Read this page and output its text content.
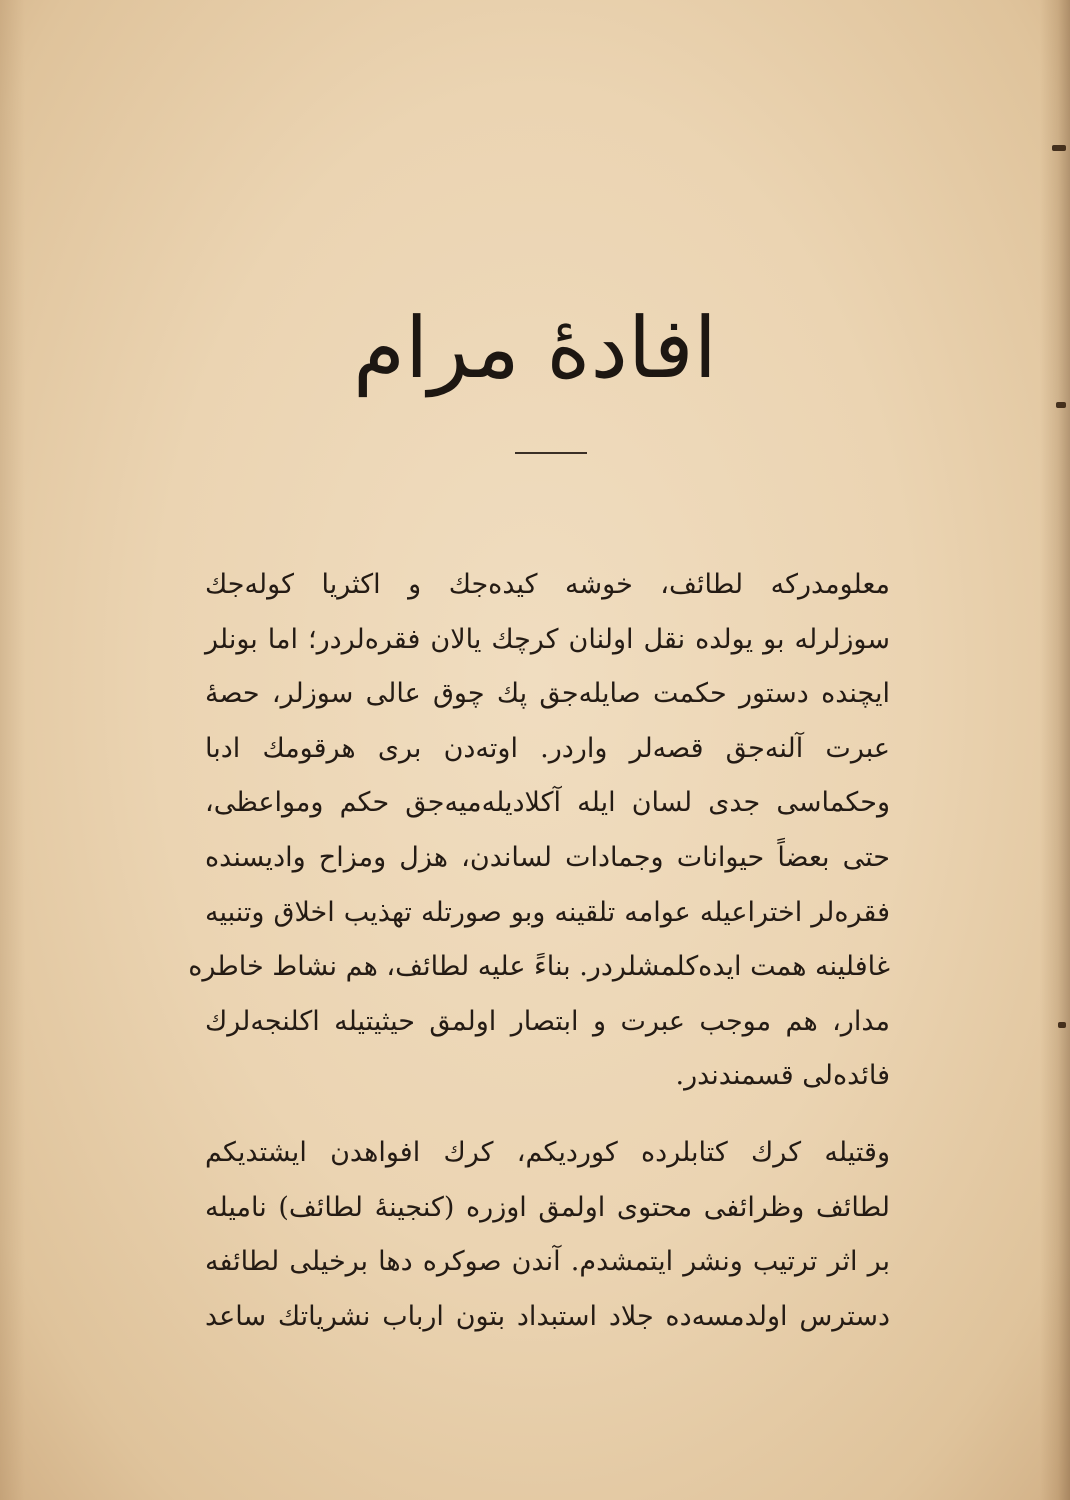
افادهٔ مرام

معلومدرکه لطائف، خوشه کیده‌جك و اکثریا کوله‌جك
سوزلرله بو یولده نقل اولنان کرچك یالان فقره‌لردر؛ اما بونلر
ایچنده دستور حکمت صایله‌جق پك چوق عالی سوزلر، حصهٔ
عبرت آلنه‌جق قصه‌لر واردر. اوته‌دن بری هرقومك ادبا
وحکماسی جدی لسان ایله آکلادیله‌میه‌جق حکم ومواعظی،
حتی بعضاً حیوانات وجمادات لساندن، هزل ومزاح وادیسنده
فقره‌لر اختراعیله عوامه تلقینه وبو صورتله تهذیب اخلاق وتنبیه
غافلینه همت ایده‌کلمشلردر. بناءً علیه لطائف، هم نشاط خاطره
مدار، هم موجب عبرت و ابتصار اولمق حیثیتیله اکلنجه‌لرك
فائده‌لی قسمندندر.

وقتیله کرك کتابلرده کوردیکم، کرك افواهدن ایشتدیکم
لطائف وظرائفی محتوی اولمق اوزره (کنجینهٔ لطائف) نامیله
بر اثر ترتیب ونشر ایتمشدم. آندن صوکره دها برخیلی لطائفه
دسترس اولدمسه‌ده جلاد استبداد بتون ارباب نشریاتك ساعد
